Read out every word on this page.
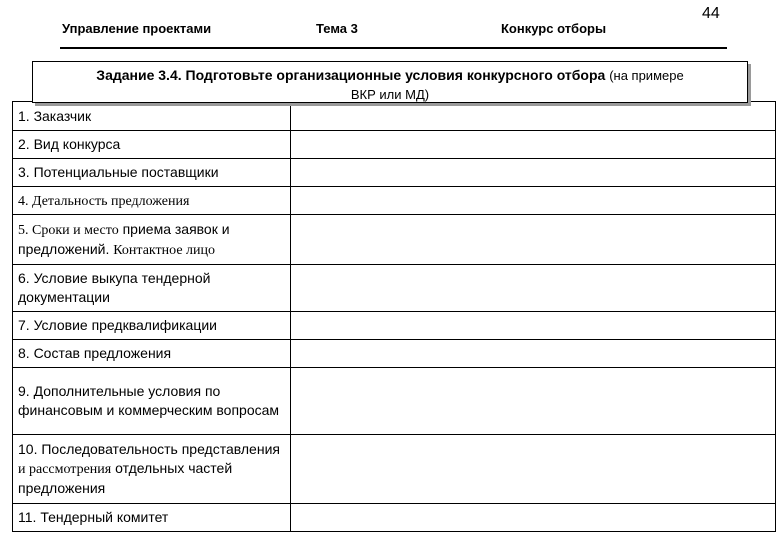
Управление проектами	Тема 3	Конкурс отборы
44
Задание 3.4. Подготовьте организационные условия конкурсного отбора (на примере
ВКР или МД)
1. Заказчик	
2. Вид конкурса	
3. Потенциальные поставщики	
4. Детальность предложения	
5. Сроки и место приема заявок и предложений. Контактное лицо	
6. Условие выкупа тендерной документации	
7. Условие предквалификации	
8. Состав предложения	
9. Дополнительные условия по финансовым и коммерческим вопросам	
10. Последовательность представления и рассмотрения отдельных частей предложения	
11. Тендерный комитет	
